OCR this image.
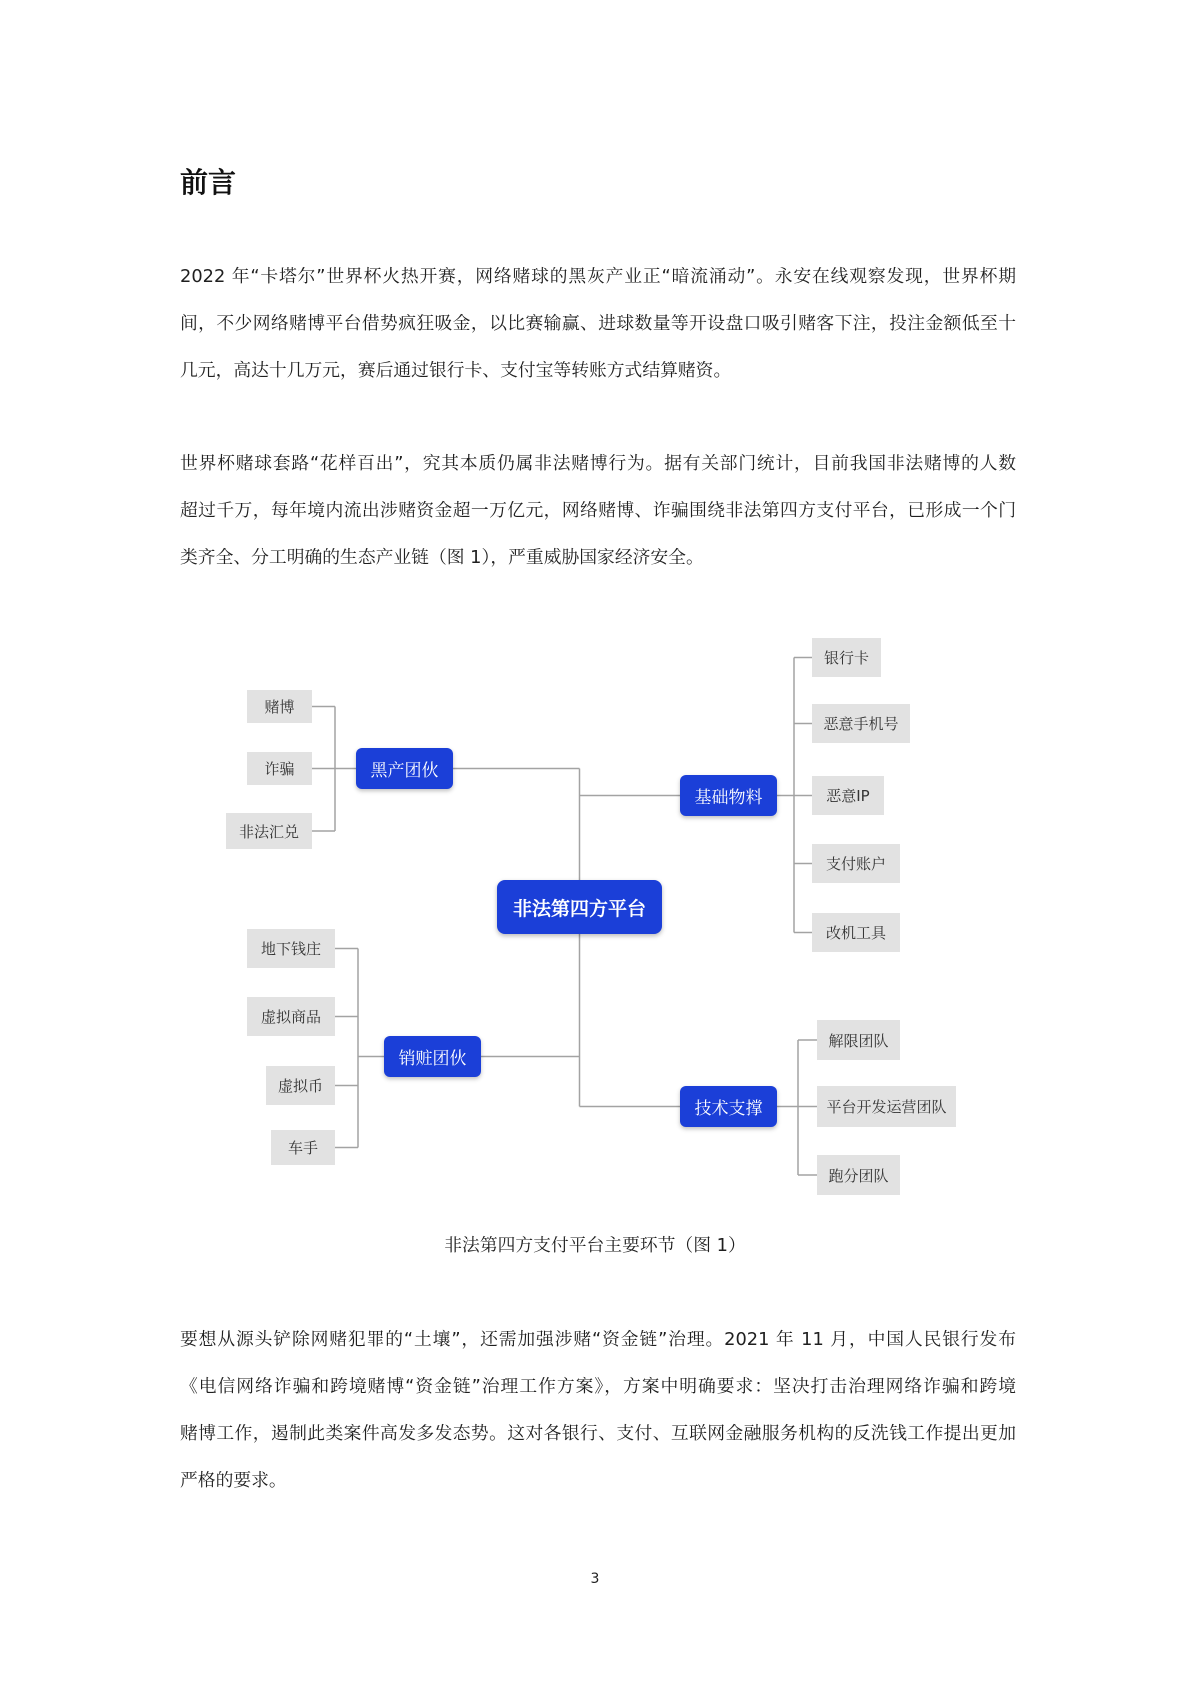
前言
2022 年“卡塔尔”世界杯火热开赛，网络赌球的黑灰产业正“暗流涌动”。永安在线观察发现，世界杯期
间，不少网络赌博平台借势疯狂吸金，以比赛输赢、进球数量等开设盘口吸引赌客下注，投注金额低至十
几元，高达十几万元，赛后通过银行卡、支付宝等转账方式结算赌资。
世界杯赌球套路“花样百出”，究其本质仍属非法赌博行为。据有关部门统计，目前我国非法赌博的人数
超过千万，每年境内流出涉赌资金超一万亿元，网络赌博、诈骗围绕非法第四方支付平台，已形成一个门
类齐全、分工明确的生态产业链（图 1），严重威胁国家经济安全。
非法第四方平台
黑产团伙
基础物料
销赃团伙
技术支撑
赌博
诈骗
非法汇兑
银行卡
恶意手机号
恶意IP
支付账户
改机工具
地下钱庄
虚拟商品
虚拟币
车手
解限团队
平台开发运营团队
跑分团队
非法第四方支付平台主要环节（图 1）
要想从源头铲除网赌犯罪的“土壤”，还需加强涉赌“资金链”治理。2021 年 11 月，中国人民银行发布
《电信网络诈骗和跨境赌博“资金链”治理工作方案》，方案中明确要求：坚决打击治理网络诈骗和跨境
赌博工作，遏制此类案件高发多发态势。这对各银行、支付、互联网金融服务机构的反洗钱工作提出更加
严格的要求。
3
